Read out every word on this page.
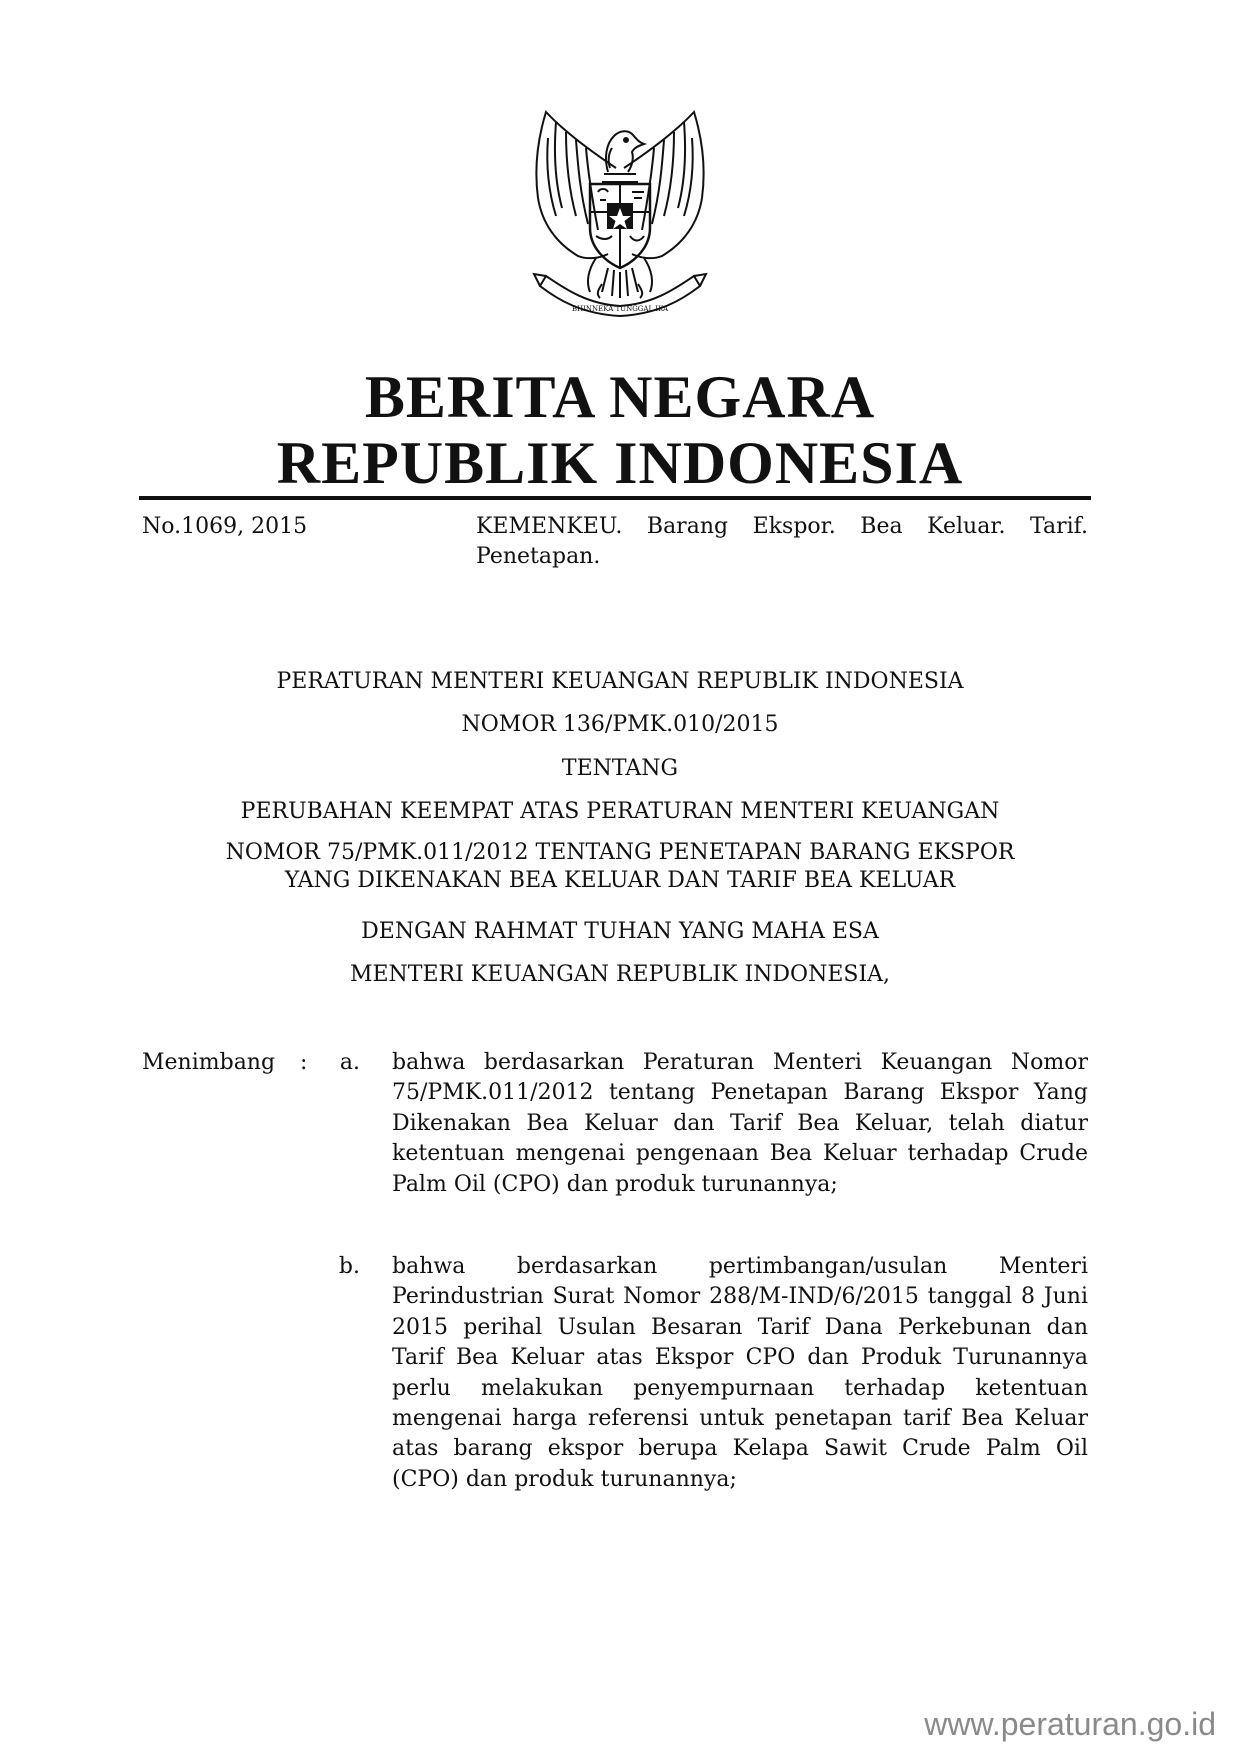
BHINNEKA TUNGGAL IKA
BERITA NEGARA
REPUBLIK INDONESIA
No.1069, 2015	KEMENKEU. Barang Ekspor. Bea Keluar. Tarif. Penetapan.
PERATURAN MENTERI KEUANGAN REPUBLIK INDONESIA
NOMOR 136/PMK.010/2015
TENTANG
PERUBAHAN KEEMPAT ATAS PERATURAN MENTERI KEUANGAN
NOMOR 75/PMK.011/2012 TENTANG PENETAPAN BARANG EKSPOR
YANG DIKENAKAN BEA KELUAR DAN TARIF BEA KELUAR
DENGAN RAHMAT TUHAN YANG MAHA ESA
MENTERI KEUANGAN REPUBLIK INDONESIA,
Menimbang :	a. bahwa berdasarkan Peraturan Menteri Keuangan Nomor 75/PMK.011/2012 tentang Penetapan Barang Ekspor Yang Dikenakan Bea Keluar dan Tarif Bea Keluar, telah diatur ketentuan mengenai pengenaan Bea Keluar terhadap Crude Palm Oil (CPO) dan produk turunannya;
b. bahwa berdasarkan pertimbangan/usulan Menteri Perindustrian Surat Nomor 288/M-IND/6/2015 tanggal 8 Juni 2015 perihal Usulan Besaran Tarif Dana Perkebunan dan Tarif Bea Keluar atas Ekspor CPO dan Produk Turunannya perlu melakukan penyempurnaan terhadap ketentuan mengenai harga referensi untuk penetapan tarif Bea Keluar atas barang ekspor berupa Kelapa Sawit Crude Palm Oil (CPO) dan produk turunannya;
www.peraturan.go.id
